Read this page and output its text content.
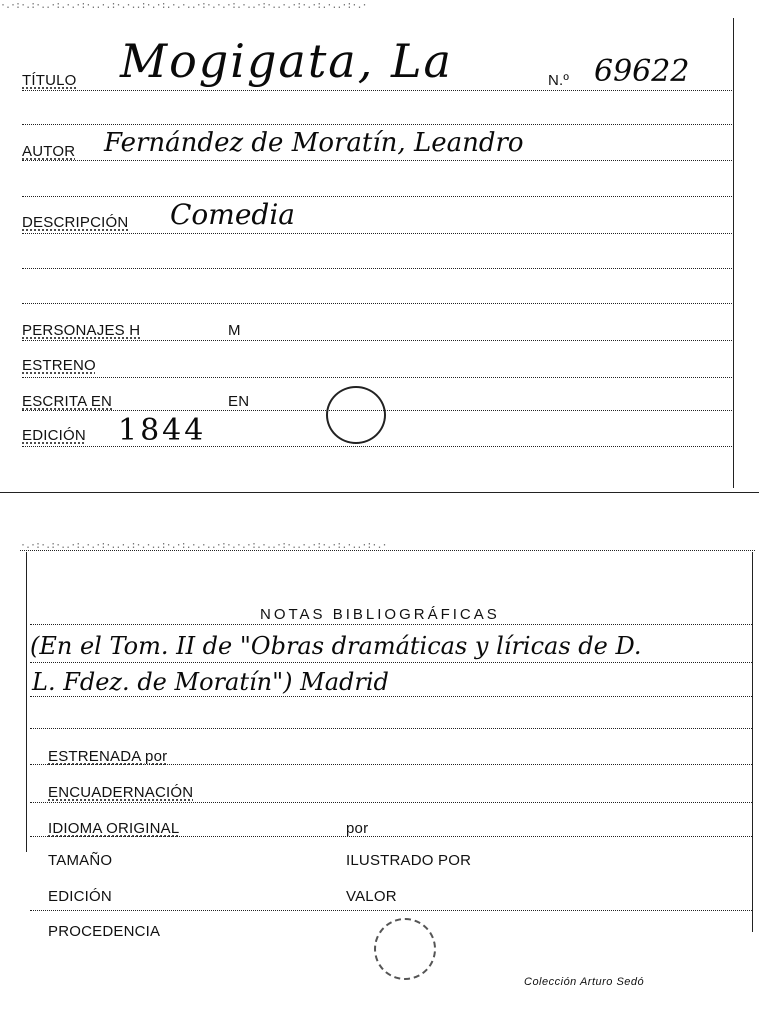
·.·:·.:·..·:.·.·:·..·.:·.·..:·.·:.·.·..·:·.·.·:.·..·:·..·.·:·.·:.·..·:·.·
TÍTULO Mogigata, La	N.º 69622
AUTOR Fernández de Moratín, Leandro
DESCRIPCIÓN Comedia
PERSONAJES H	M
ESTRENO
ESCRITA EN	EN
EDICIÓN 1844
·.·:·.:·..·:.·.·:·..·.:·.·..:·.·:.·.·..·:·.·.·:.·..·:·..·.·:·.·:.·..·:·.·
NOTAS BIBLIOGRÁFICAS
(En el Tom. II de "Obras dramáticas y líricas de D.
L. Fdez. de Moratín") Madrid
ESTRENADA por
ENCUADERNACIÓN
IDIOMA ORIGINAL	por
TAMAÑO	ILUSTRADO POR
EDICIÓN	VALOR
PROCEDENCIA
Colección Arturo Sedó
